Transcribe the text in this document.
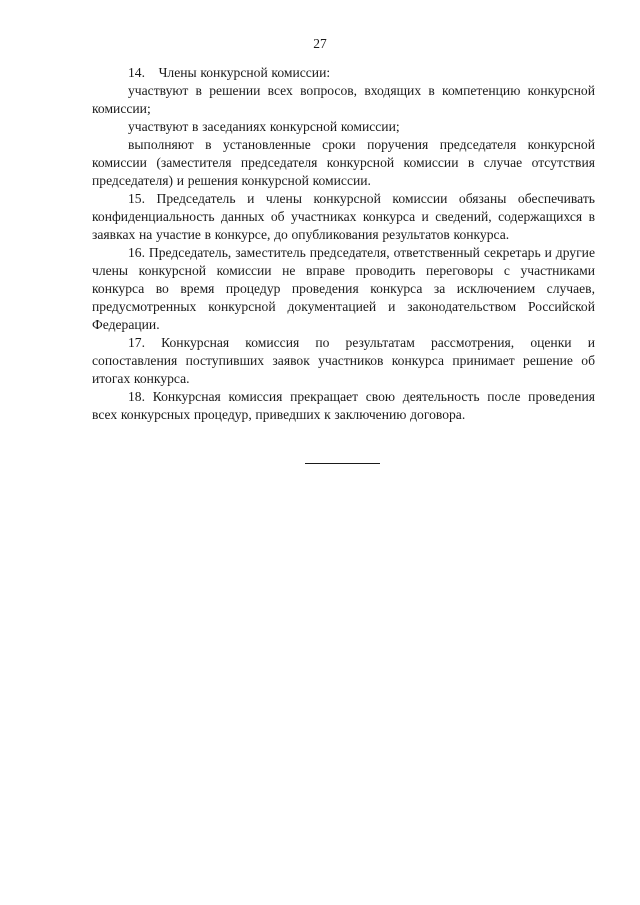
27

14. Члены конкурсной комиссии:

участвуют в решении всех вопросов, входящих в компетенцию конкурсной комиссии;

участвуют в заседаниях конкурсной комиссии;

выполняют в установленные сроки поручения председателя конкурсной комиссии (заместителя председателя конкурсной комиссии в случае отсутствия председателя) и решения конкурсной комиссии.

15. Председатель и члены конкурсной комиссии обязаны обеспечивать конфиденциальность данных об участниках конкурса и сведений, содержащихся в заявках на участие в конкурсе, до опубликования результатов конкурса.

16. Председатель, заместитель председателя, ответственный секретарь и другие члены конкурсной комиссии не вправе проводить переговоры с участниками конкурса во время процедур проведения конкурса за исключением случаев, предусмотренных конкурсной документацией и законодательством Российской Федерации.

17. Конкурсная комиссия по результатам рассмотрения, оценки и сопоставления поступивших заявок участников конкурса принимает решение об итогах конкурса.

18. Конкурсная комиссия прекращает свою деятельность после проведения всех конкурсных процедур, приведших к заключению договора.
